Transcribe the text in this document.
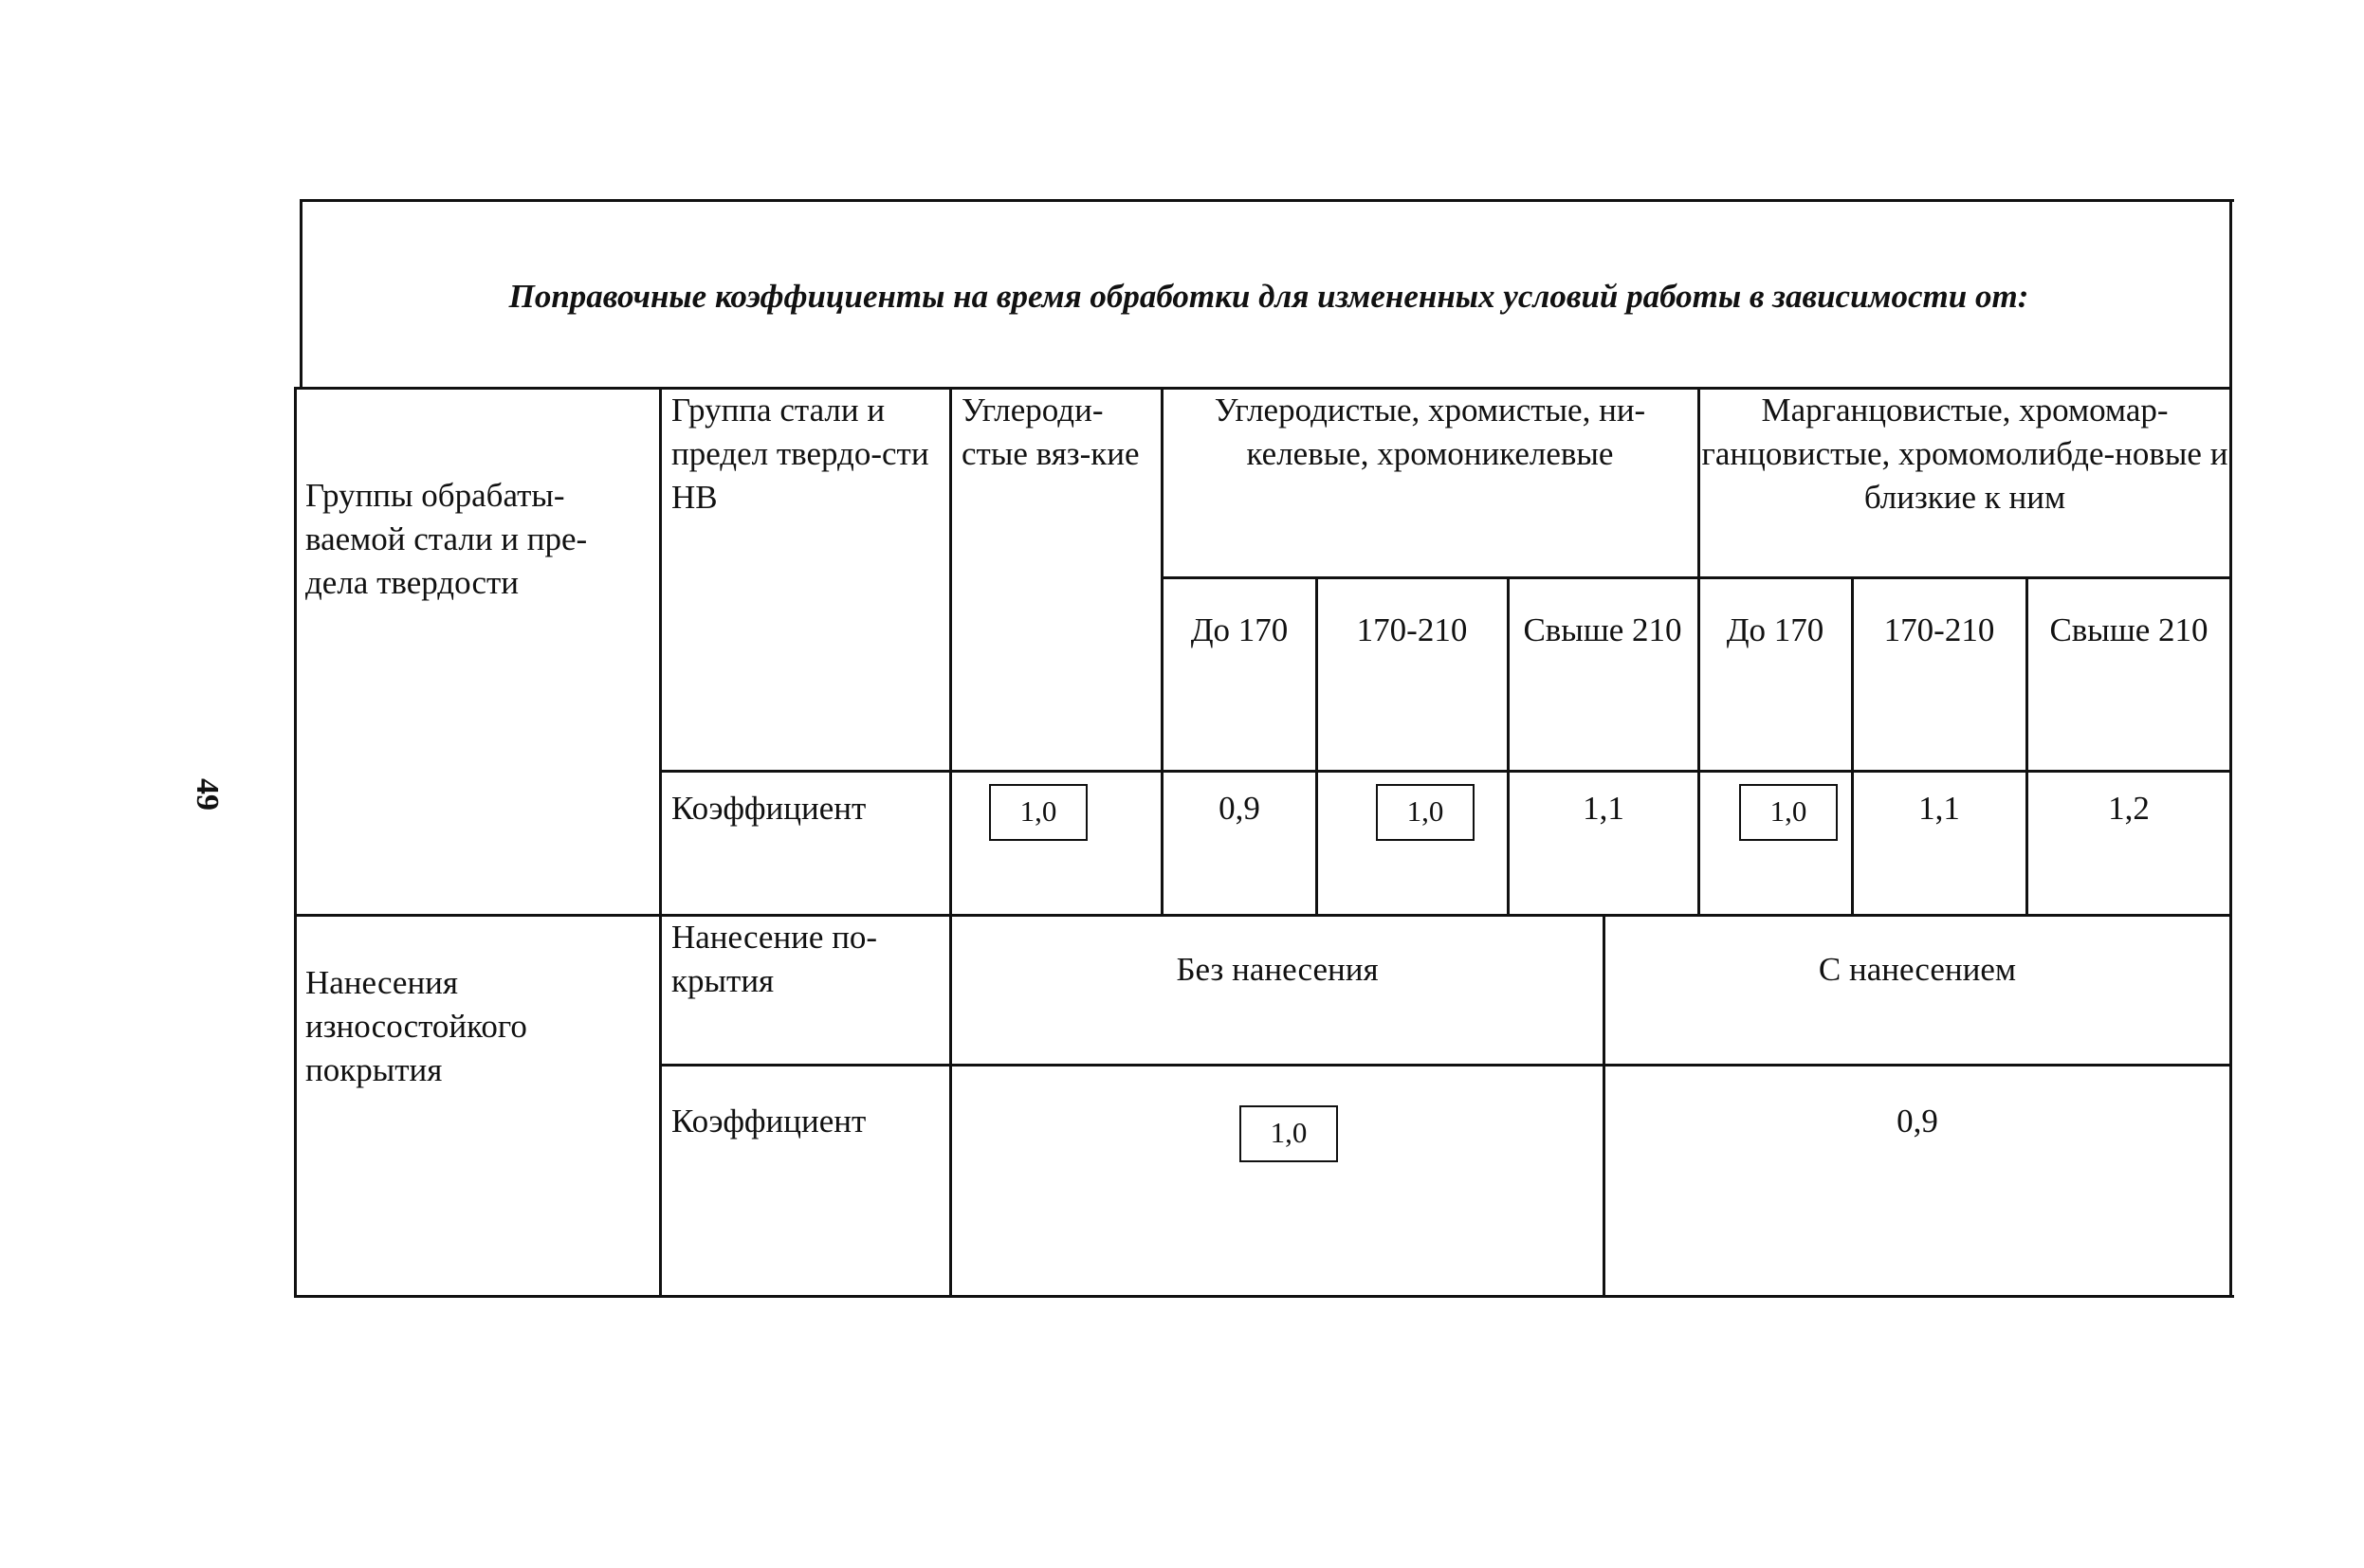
49
Поправочные коэффициенты на время обработки для измененных условий работы в зависимости от:
Группы обрабаты-ваемой стали и пре-дела твердости
Группа стали и предел твердо-сти НВ
Углероди-стые вяз-кие
Углеродистые, хромистые, ни-келевые, хромоникелевые
Марганцовистые, хромомар-ганцовистые, хромомолибде-новые и близкие к ним
До 170	170-210	Свыше 210	До 170	170-210	Свыше 210
Коэффициент	1,0	0,9	1,0	1,1	1,0	1,1	1,2
Нанесения износостойкого покрытия
Нанесение по-крытия	Без нанесения	С нанесением
Коэффициент	1,0	0,9
